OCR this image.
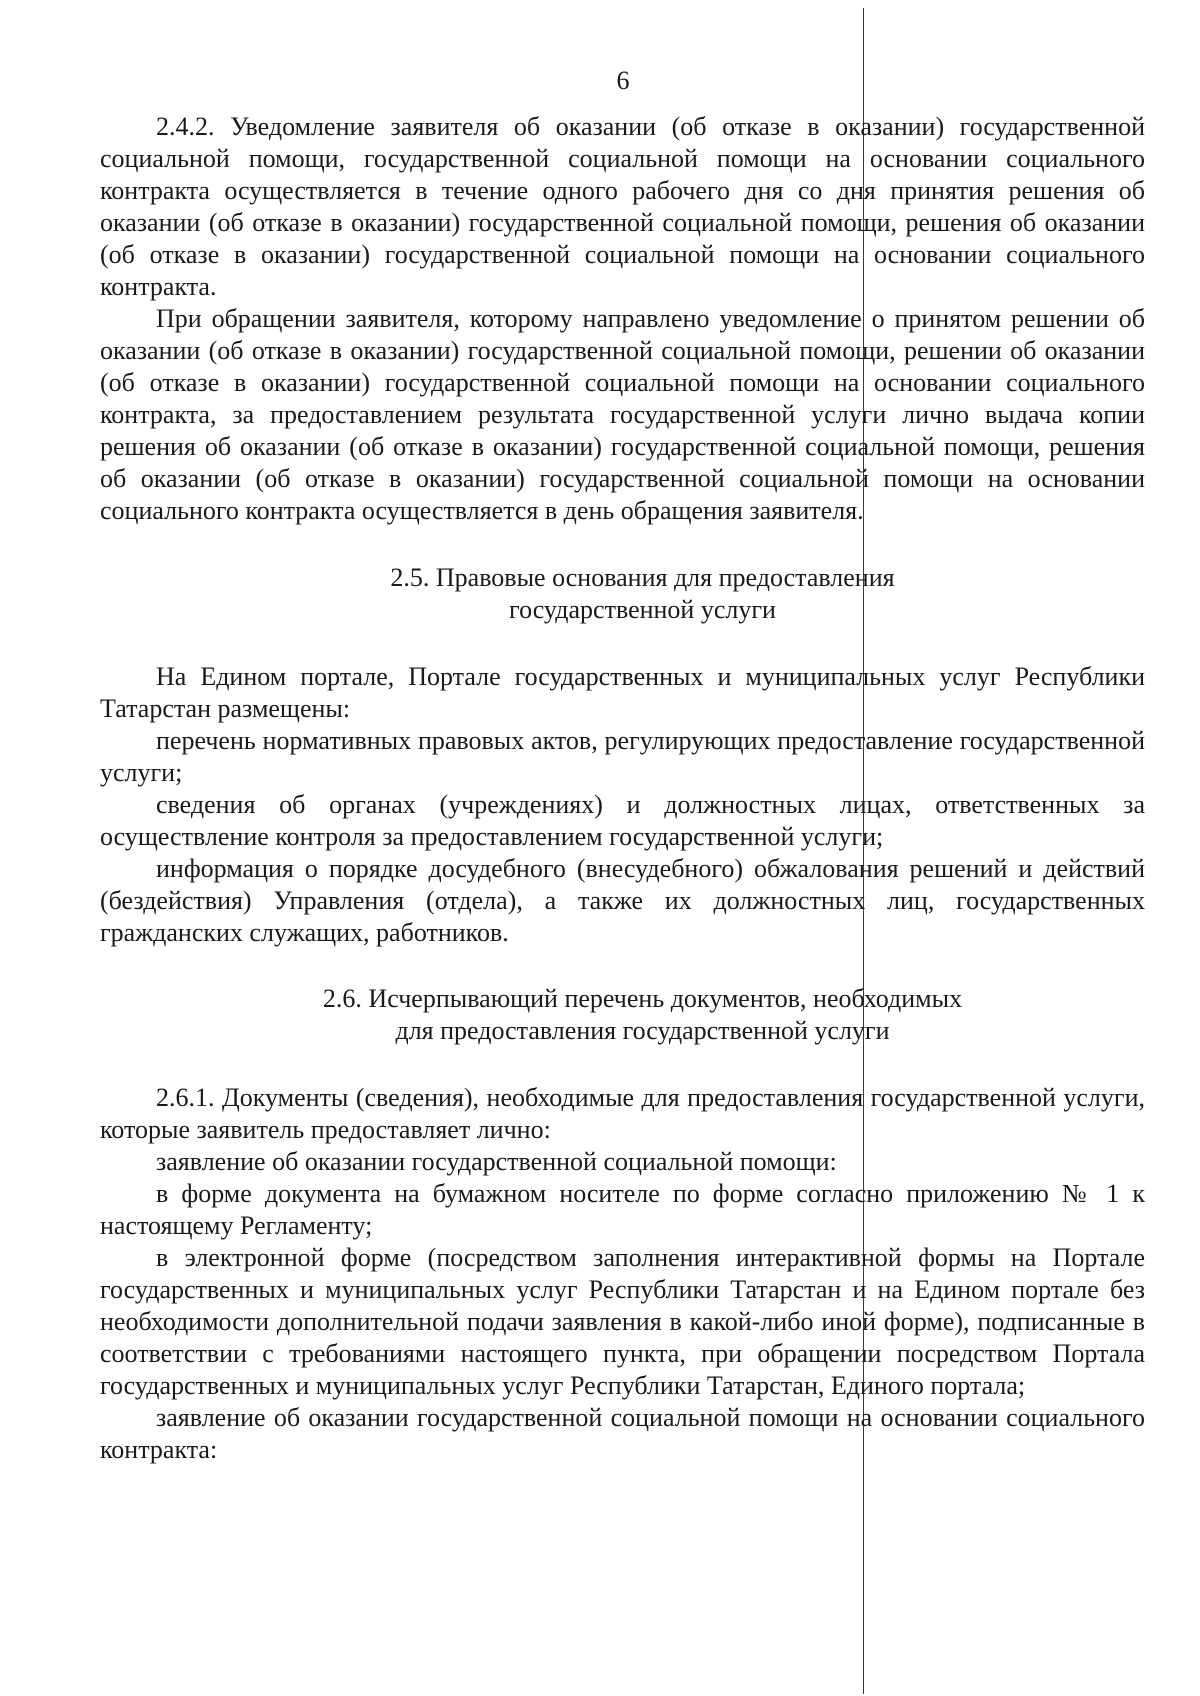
6

2.4.2. Уведомление заявителя об оказании (об отказе в оказании) государственной социальной помощи, государственной социальной помощи на основании социального контракта осуществляется в течение одного рабочего дня со дня принятия решения об оказании (об отказе в оказании) государственной социальной помощи, решения об оказании (об отказе в оказании) государственной социальной помощи на основании социального контракта.

При обращении заявителя, которому направлено уведомление о принятом решении об оказании (об отказе в оказании) государственной социальной помощи, решении об оказании (об отказе в оказании) государственной социальной помощи на основании социального контракта, за предоставлением результата государственной услуги лично выдача копии решения об оказании (об отказе в оказании) государственной социальной помощи, решения об оказании (об отказе в оказании) государственной социальной помощи на основании социального контракта осуществляется в день обращения заявителя.

2.5. Правовые основания для предоставления
государственной услуги

На Едином портале, Портале государственных и муниципальных услуг Республики Татарстан размещены:

перечень нормативных правовых актов, регулирующих предоставление государственной услуги;

сведения об органах (учреждениях) и должностных лицах, ответственных за осуществление контроля за предоставлением государственной услуги;

информация о порядке досудебного (внесудебного) обжалования решений и действий (бездействия) Управления (отдела), а также их должностных лиц, государственных гражданских служащих, работников.

2.6. Исчерпывающий перечень документов, необходимых
для предоставления государственной услуги

2.6.1. Документы (сведения), необходимые для предоставления государственной услуги, которые заявитель предоставляет лично:

заявление об оказании государственной социальной помощи:

в форме документа на бумажном носителе по форме согласно приложению № 1 к настоящему Регламенту;

в электронной форме (посредством заполнения интерактивной формы на Портале государственных и муниципальных услуг Республики Татарстан и на Едином портале без необходимости дополнительной подачи заявления в какой-либо иной форме), подписанные в соответствии с требованиями настоящего пункта, при обращении посредством Портала государственных и муниципальных услуг Республики Татарстан, Единого портала;

заявление об оказании государственной социальной помощи на основании социального контракта:
